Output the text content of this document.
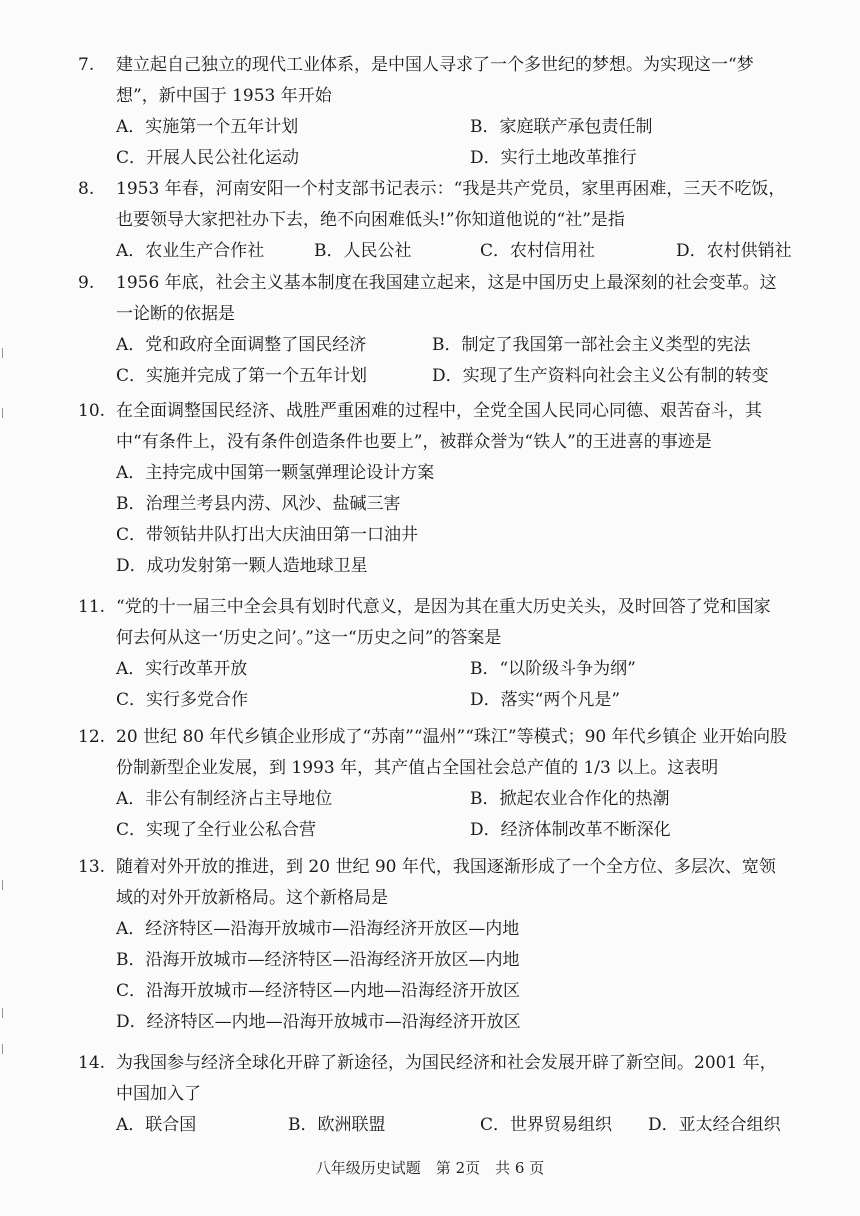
7.	建立起自己独立的现代工业体系，是中国人寻求了一个多世纪的梦想。为实现这一“梦
想”，新中国于 1953 年开始
A．实施第一个五年计划	B．家庭联产承包责任制
C．开展人民公社化运动	D．实行土地改革推行
8.	1953 年春，河南安阳一个村支部书记表示：“我是共产党员，家里再困难，三天不吃饭，
也要领导大家把社办下去，绝不向困难低头!”你知道他说的“社”是指
A．农业生产合作社	B．人民公社	C．农村信用社	D．农村供销社
9.	1956 年底，社会主义基本制度在我国建立起来，这是中国历史上最深刻的社会变革。这
一论断的依据是
A．党和政府全面调整了国民经济	B．制定了我国第一部社会主义类型的宪法
C．实施并完成了第一个五年计划	D．实现了生产资料向社会主义公有制的转变
10. 在全面调整国民经济、战胜严重困难的过程中，全党全国人民同心同德、艰苦奋斗，其
中“有条件上，没有条件创造条件也要上”，被群众誉为“铁人”的王进喜的事迹是
A．主持完成中国第一颗氢弹理论设计方案
B．治理兰考县内涝、风沙、盐碱三害
C．带领钻井队打出大庆油田第一口油井
D．成功发射第一颗人造地球卫星
11. “党的十一届三中全会具有划时代意义，是因为其在重大历史关头，及时回答了党和国家
何去何从这一‘历史之问’。”这一“历史之问”的答案是
A．实行改革开放	B．“以阶级斗争为纲”
C．实行多党合作	D．落实“两个凡是”
12. 20 世纪 80 年代乡镇企业形成了“苏南”“温州”“珠江”等模式；90 年代乡镇企 业开始向股
份制新型企业发展，到 1993 年，其产值占全国社会总产值的 1/3 以上。这表明
A．非公有制经济占主导地位	B．掀起农业合作化的热潮
C．实现了全行业公私合营	D．经济体制改革不断深化
13. 随着对外开放的推进，到 20 世纪 90 年代，我国逐渐形成了一个全方位、多层次、宽领
域的对外开放新格局。这个新格局是
A．经济特区—沿海开放城市—沿海经济开放区—内地
B．沿海开放城市—经济特区—沿海经济开放区—内地
C．沿海开放城市—经济特区—内地—沿海经济开放区
D．经济特区—内地—沿海开放城市—沿海经济开放区
14. 为我国参与经济全球化开辟了新途径，为国民经济和社会发展开辟了新空间。2001 年，
中国加入了
A．联合国	B．欧洲联盟	C．世界贸易组织 D．亚太经合组织
八年级历史试题　第 2页　共 6 页
